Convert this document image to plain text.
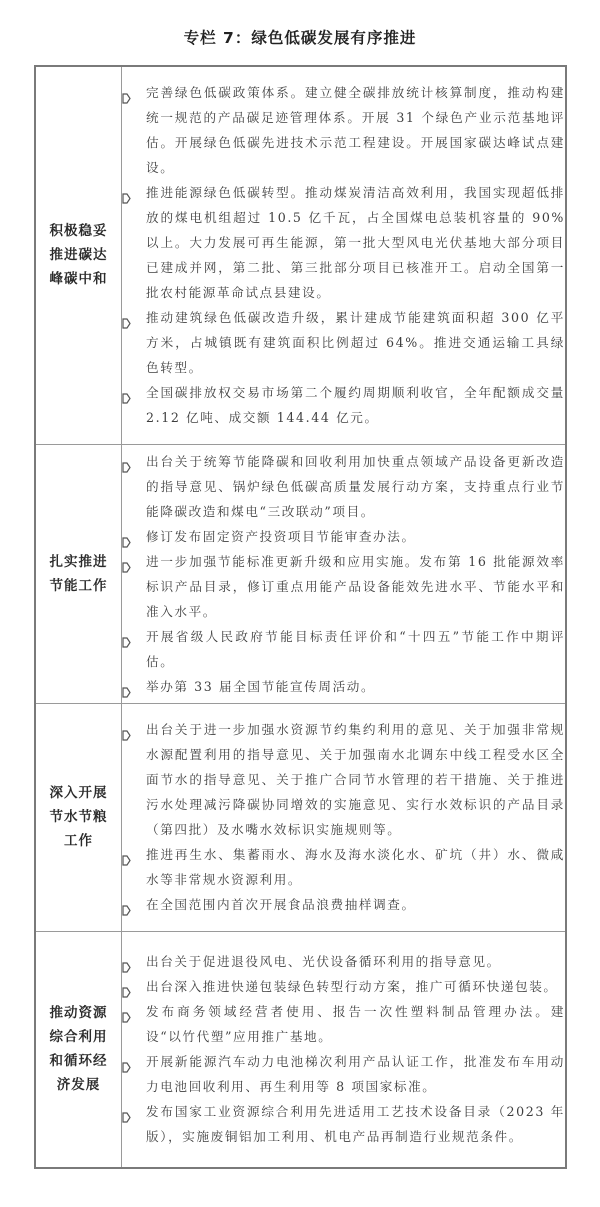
专栏 7：绿色低碳发展有序推进
积极稳妥
推进碳达
峰碳中和

完善绿色低碳政策体系。建立健全碳排放统计核算制度，推动构建统一规范的产品碳足迹管理体系。开展 31 个绿色产业示范基地评估。开展绿色低碳先进技术示范工程建设。开展国家碳达峰试点建设。
推进能源绿色低碳转型。推动煤炭清洁高效利用，我国实现超低排放的煤电机组超过 10.5 亿千瓦，占全国煤电总装机容量的 90%以上。大力发展可再生能源，第一批大型风电光伏基地大部分项目已建成并网，第二批、第三批部分项目已核准开工。启动全国第一批农村能源革命试点县建设。
推动建筑绿色低碳改造升级，累计建成节能建筑面积超 300 亿平方米，占城镇既有建筑面积比例超过 64%。推进交通运输工具绿色转型。
全国碳排放权交易市场第二个履约周期顺利收官，全年配额成交量 2.12 亿吨、成交额 144.44 亿元。

扎实推进
节能工作

出台关于统筹节能降碳和回收利用加快重点领域产品设备更新改造的指导意见、锅炉绿色低碳高质量发展行动方案，支持重点行业节能降碳改造和煤电“三改联动”项目。
修订发布固定资产投资项目节能审查办法。
进一步加强节能标准更新升级和应用实施。发布第 16 批能源效率标识产品目录，修订重点用能产品设备能效先进水平、节能水平和准入水平。
开展省级人民政府节能目标责任评价和“十四五”节能工作中期评估。
举办第 33 届全国节能宣传周活动。

深入开展
节水节粮
工作

出台关于进一步加强水资源节约集约利用的意见、关于加强非常规水源配置利用的指导意见、关于加强南水北调东中线工程受水区全面节水的指导意见、关于推广合同节水管理的若干措施、关于推进污水处理减污降碳协同增效的实施意见、实行水效标识的产品目录（第四批）及水嘴水效标识实施规则等。
推进再生水、集蓄雨水、海水及海水淡化水、矿坑（井）水、微咸水等非常规水资源利用。
在全国范围内首次开展食品浪费抽样调查。

推动资源
综合利用
和循环经
济发展

出台关于促进退役风电、光伏设备循环利用的指导意见。
出台深入推进快递包装绿色转型行动方案，推广可循环快递包装。
发布商务领域经营者使用、报告一次性塑料制品管理办法。建设“以竹代塑”应用推广基地。
开展新能源汽车动力电池梯次利用产品认证工作，批准发布车用动力电池回收利用、再生利用等 8 项国家标准。
发布国家工业资源综合利用先进适用工艺技术设备目录（2023 年版），实施废铜铝加工利用、机电产品再制造行业规范条件。
